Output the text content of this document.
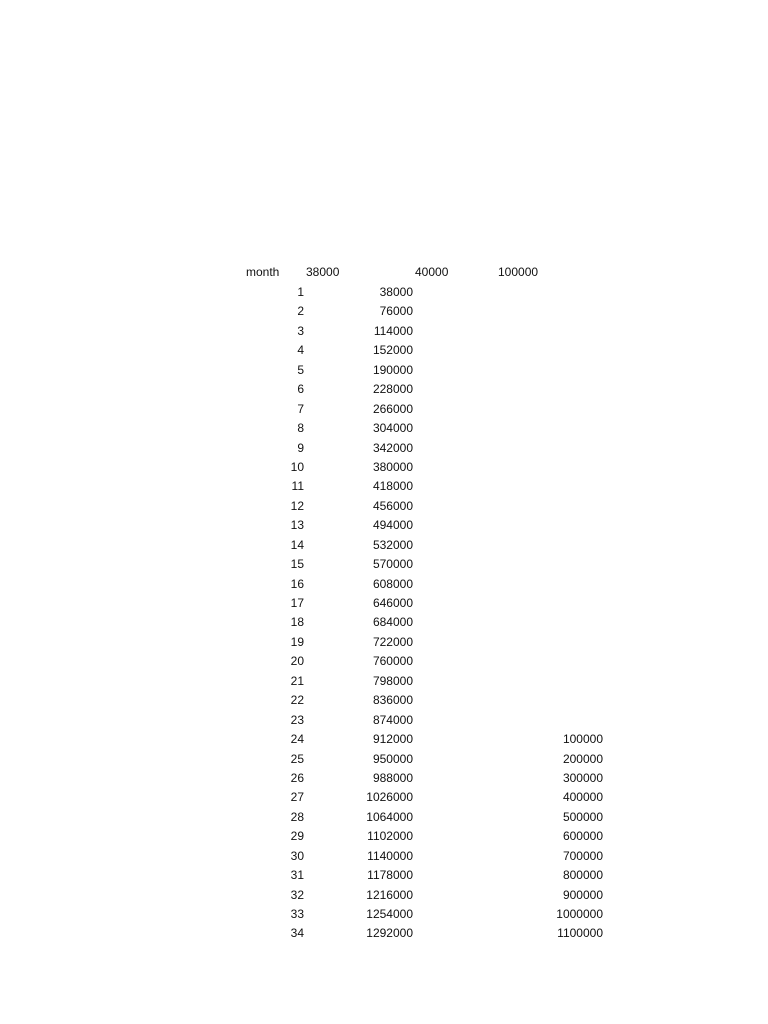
month 38000	40000	100000
1	38000
2	76000
3	114000
4	152000
5	190000
6	228000
7	266000
8	304000
9	342000
10	380000
11	418000
12	456000
13	494000
14	532000
15	570000
16	608000
17	646000
18	684000
19	722000
20	760000
21	798000
22	836000
23	874000
24	912000	100000
25	950000	200000
26	988000	300000
27	1026000	400000
28	1064000	500000
29	1102000	600000
30	1140000	700000
31	1178000	800000
32	1216000	900000
33	1254000	1000000
34	1292000	1100000
